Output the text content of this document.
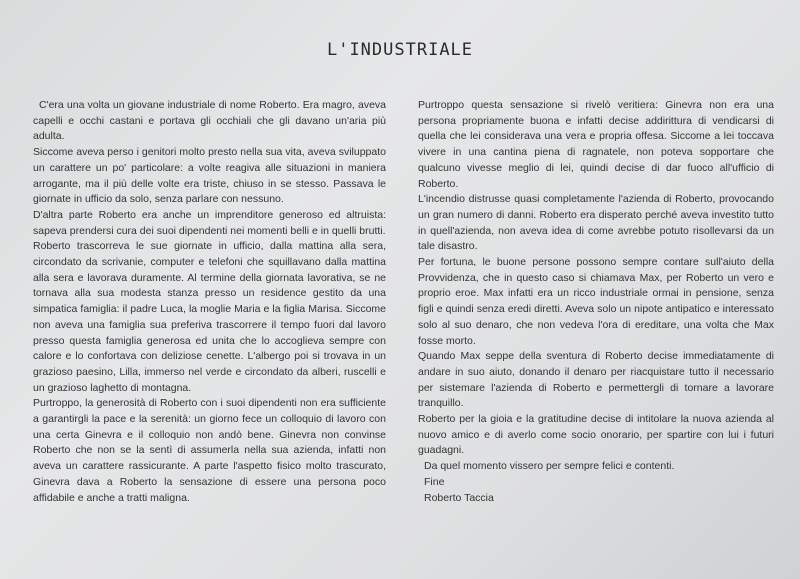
L'INDUSTRIALE

C'era una volta un giovane industriale di nome Roberto. Era magro, aveva capelli e occhi castani e portava gli occhiali che gli davano un'aria più adulta.

Siccome aveva perso i genitori molto presto nella sua vita, aveva sviluppato un carattere un po' particolare: a volte reagiva alle situazioni in maniera arrogante, ma il più delle volte era triste, chiuso in se stesso. Passava le giornate in ufficio da solo, senza parlare con nessuno.

D'altra parte Roberto era anche un imprenditore generoso ed altruista: sapeva prendersi cura dei suoi dipendenti nei momenti belli e in quelli brutti.

Roberto trascorreva le sue giornate in ufficio, dalla mattina alla sera, circondato da scrivanie, computer e telefoni che squillavano dalla mattina alla sera e lavorava duramente. Al termine della giornata lavorativa, se ne tornava alla sua modesta stanza presso un residence gestito da una simpatica famiglia: il padre Luca, la moglie Maria e la figlia Marisa. Siccome non aveva una famiglia sua preferiva trascorrere il tempo fuori dal lavoro presso questa famiglia generosa ed unita che lo accoglieva sempre con calore e lo confortava con deliziose cenette. L'albergo poi si trovava in un grazioso paesino, Lilla, immerso nel verde e circondato da alberi, ruscelli e un grazioso laghetto di montagna.

Purtroppo, la generosità di Roberto con i suoi dipendenti non era sufficiente a garantirgli la pace e la serenità: un giorno fece un colloquio di lavoro con una certa Ginevra e il colloquio non andò bene. Ginevra non convinse Roberto che non se la sentì di assumerla nella sua azienda, infatti non aveva un carattere rassicurante. A parte l'aspetto fisico molto trascurato, Ginevra dava a Roberto la sensazione di essere una persona poco affidabile e anche a tratti maligna.

Purtroppo questa sensazione si rivelò veritiera: Ginevra non era una persona propriamente buona e infatti decise addirittura di vendicarsi di quella che lei considerava una vera e propria offesa. Siccome a lei toccava vivere in una cantina piena di ragnatele, non poteva sopportare che qualcuno vivesse meglio di lei, quindi decise di dar fuoco all'ufficio di Roberto.

L'incendio distrusse quasi completamente l'azienda di Roberto, provocando un gran numero di danni. Roberto era disperato perché aveva investito tutto in quell'azienda, non aveva idea di come avrebbe potuto risollevarsi da un tale disastro.

Per fortuna, le buone persone possono sempre contare sull'aiuto della Provvidenza, che in questo caso si chiamava Max, per Roberto un vero e proprio eroe. Max infatti era un ricco industriale ormai in pensione, senza figli e quindi senza eredi diretti. Aveva solo un nipote antipatico e interessato solo al suo denaro, che non vedeva l'ora di ereditare, una volta che Max fosse morto.

Quando Max seppe della sventura di Roberto decise immediatamente di andare in suo aiuto, donando il denaro per riacquistare tutto il necessario per sistemare l'azienda di Roberto e permettergli di tornare a lavorare tranquillo.

Roberto per la gioia e la gratitudine decise di intitolare la nuova azienda al nuovo amico e di averlo come socio onorario, per spartire con lui i futuri guadagni.

Da quel momento vissero per sempre felici e contenti.

Fine

Roberto Taccia
